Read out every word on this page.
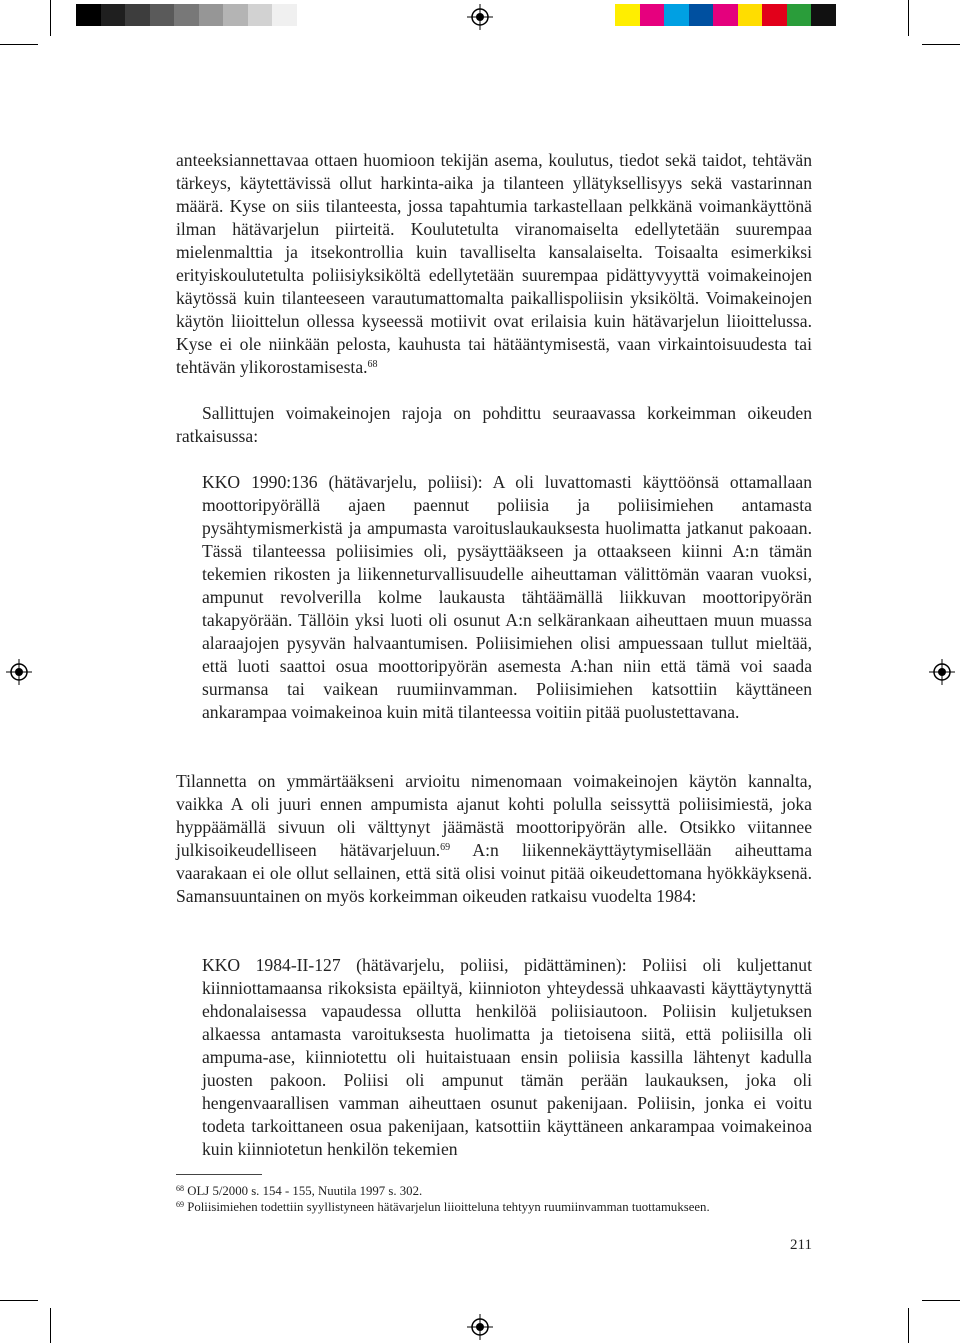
anteeksiannettavaa ottaen huomioon tekijän asema, koulutus, tiedot sekä taidot, tehtävän tärkeys, käytettävissä ollut harkinta-aika ja tilanteen yllätyksellisyys sekä vastarinnan määrä. Kyse on siis tilanteesta, jossa tapahtumia tarkastellaan pelkkänä voimankäyttönä ilman hätävarjelun piirteitä. Koulutetulta viranomaiselta edellytetään suurempaa mielenmalttia ja itsekontrollia kuin tavalliselta kansalaiselta. Toisaalta esimerkiksi erityiskoulutetulta poliisiyksiköltä edellytetään suurempaa pidättyvyyttä voimakeinojen käytössä kuin tilanteeseen varautumattomalta paikallispoliisin yksiköltä. Voimakeinojen käytön liioittelun ollessa kyseessä motiivit ovat erilaisia kuin hätävarjelun liioittelussa. Kyse ei ole niinkään pelosta, kauhusta tai hätääntymisestä, vaan virkaintoisuudesta tai tehtävän ylikorostamisesta.$^{68}$

Sallittujen voimakeinojen rajoja on pohdittu seuraavassa korkeimman oikeuden ratkaisussa:

KKO 1990:136 (hätävarjelu, poliisi): A oli luvattomasti käyttöönsä ottamallaan moottoripyörällä ajaen paennut poliisia ja poliisimiehen antamasta pysähtymismerkistä ja ampumasta varoituslaukauksesta huolimatta jatkanut pakoaan. Tässä tilanteessa poliisimies oli, pysäyttääkseen ja ottaakseen kiinni A:n tämän tekemien rikosten ja liikenneturvallisuudelle aiheuttaman välittömän vaaran vuoksi, ampunut revolverilla kolme laukausta tähtäämällä liikkuvan moottoripyörän takapyörään. Tällöin yksi luoti oli osunut A:n selkärankaan aiheuttaen muun muassa alaraajojen pysyvän halvaantumisen. Poliisimiehen olisi ampuessaan tullut mieltää, että luoti saattoi osua moottoripyörän asemesta A:han niin että tämä voi saada surmansa tai vaikean ruumiinvamman. Poliisimiehen katsottiin käyttäneen ankarampaa voimakeinoa kuin mitä tilanteessa voitiin pitää puolustettavana.

Tilannetta on ymmärtääkseni arvioitu nimenomaan voimakeinojen käytön kannalta, vaikka A oli juuri ennen ampumista ajanut kohti polulla seissyttä poliisimiestä, joka hyppäämällä sivuun oli välttynyt jäämästä moottoripyörän alle. Otsikko viitannee julkisoikeudelliseen hätävarjeluun.$^{69}$ A:n liikennekäyttäytymisellään aiheuttama vaarakaan ei ole ollut sellainen, että sitä olisi voinut pitää oikeudettomana hyökkäyksenä. Samansuuntainen on myös korkeimman oikeuden ratkaisu vuodelta 1984:

KKO 1984-II-127 (hätävarjelu, poliisi, pidättäminen): Poliisi oli kuljettanut kiinniottamaansa rikoksista epäiltyä, kiinnioton yhteydessä uhkaavasti käyttäytynyttä ehdonalaisessa vapaudessa ollutta henkilöä poliisiautoon. Poliisin kuljetuksen alkaessa antamasta varoituksesta huolimatta ja tietoisena siitä, että poliisilla oli ampuma-ase, kiinniotettu oli huitaistuaan ensin poliisia kassilla lähtenyt kadulla juosten pakoon. Poliisi oli ampunut tämän perään laukauksen, joka oli hengenvaarallisen vamman aiheuttaen osunut pakenijaan. Poliisin, jonka ei voitu todeta tarkoittaneen osua pakenijaan, katsottiin käyttäneen ankarampaa voimakeinoa kuin kiinniotetun henkilön tekemien

$^{68}$ OLJ 5/2000 s. 154 - 155, Nuutila 1997 s. 302.
$^{69}$ Poliisimiehen todettiin syyllistyneen hätävarjelun liioitteluna tehtyyn ruumiinvamman tuottamukseen.
211
